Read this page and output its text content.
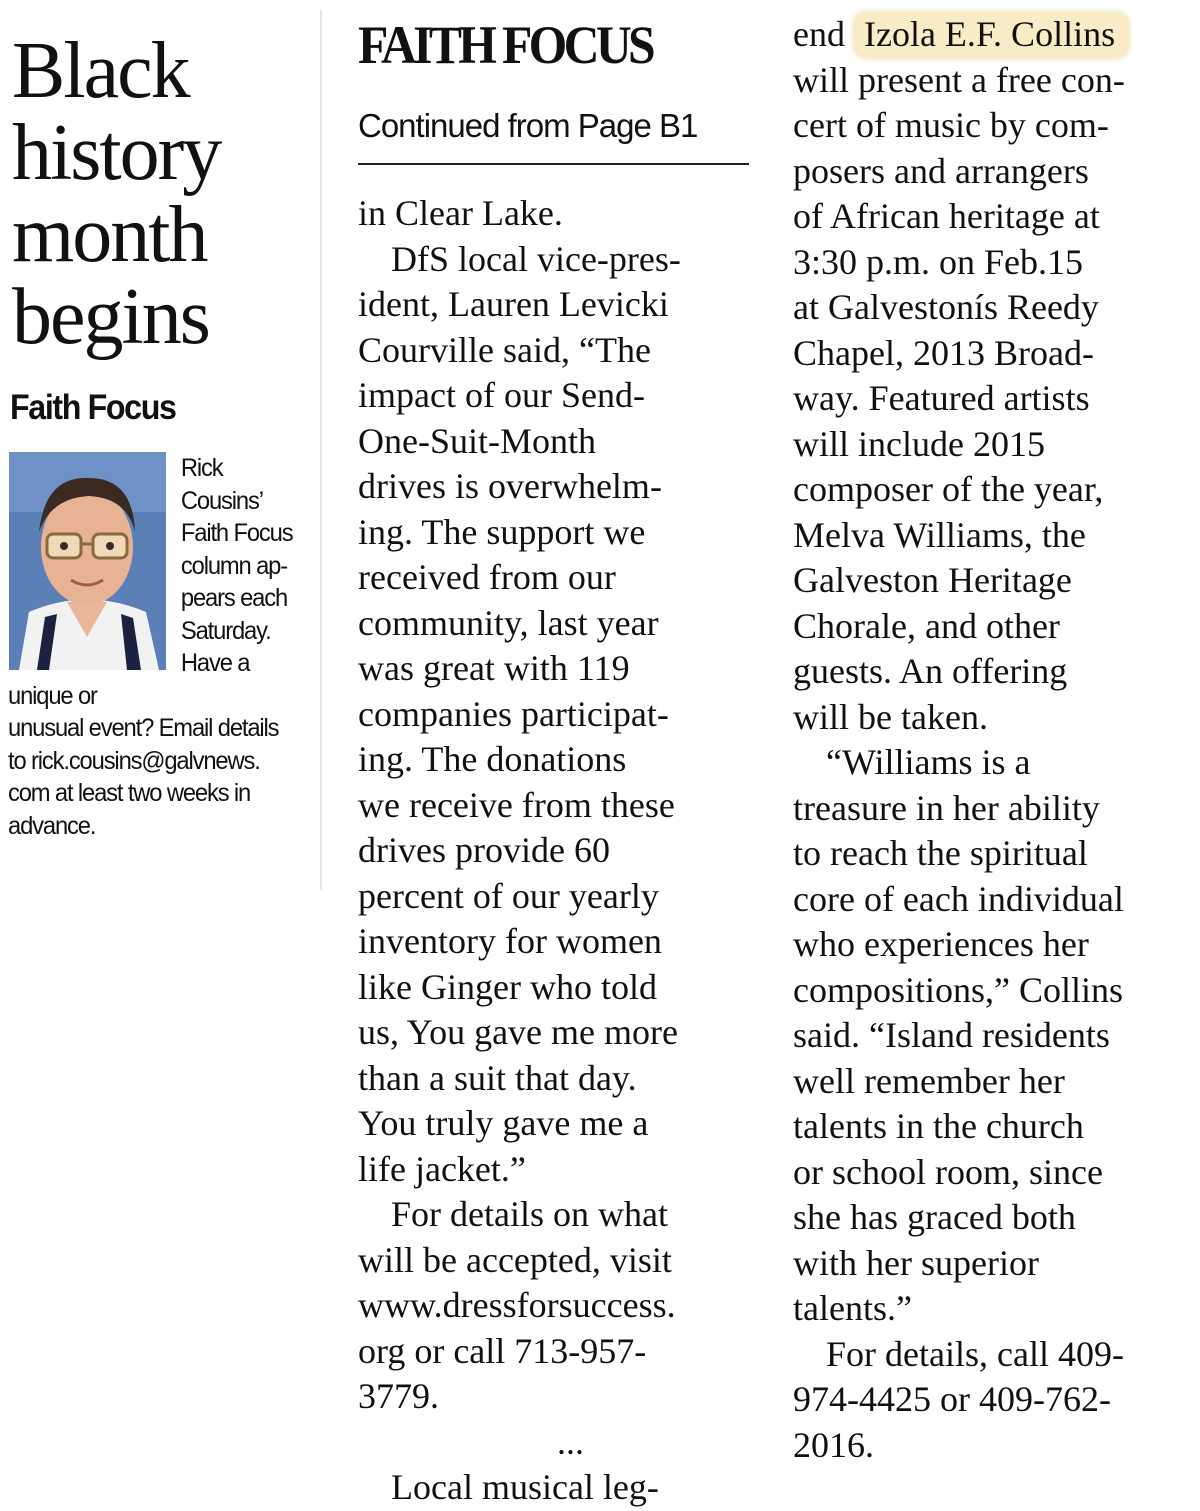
Black
history
month
begins
Faith Focus

Rick
Cousins’
Faith Focus
column ap-
pears each
Saturday.
Have a
unique or
unusual event? Email details
to rick.cousins@galvnews.
com at least two weeks in
advance.

FAITH FOCUS
Continued from Page B1
in Clear Lake.
DfS local vice-pres-
ident, Lauren Levicki
Courville said, “The
impact of our Send-
One-Suit-Month
drives is overwhelm-
ing. The support we
received from our
community, last year
was great with 119
companies participat-
ing. The donations
we receive from these
drives provide 60
percent of our yearly
inventory for women
like Ginger who told
us, You gave me more
than a suit that day.
You truly gave me a
life jacket.”
For details on what
will be accepted, visit
www.dressforsuccess.
org or call 713-957-
3779.
...
Local musical leg-
end Izola E.F. Collins
will present a free con-
cert of music by com-
posers and arrangers
of African heritage at
3:30 p.m. on Feb.15
at Galvestonís Reedy
Chapel, 2013 Broad-
way. Featured artists
will include 2015
composer of the year,
Melva Williams, the
Galveston Heritage
Chorale, and other
guests. An offering
will be taken.
“Williams is a
treasure in her ability
to reach the spiritual
core of each individual
who experiences her
compositions,” Collins
said. “Island residents
well remember her
talents in the church
or school room, since
she has graced both
with her superior
talents.”
For details, call 409-
974-4425 or 409-762-
2016.
